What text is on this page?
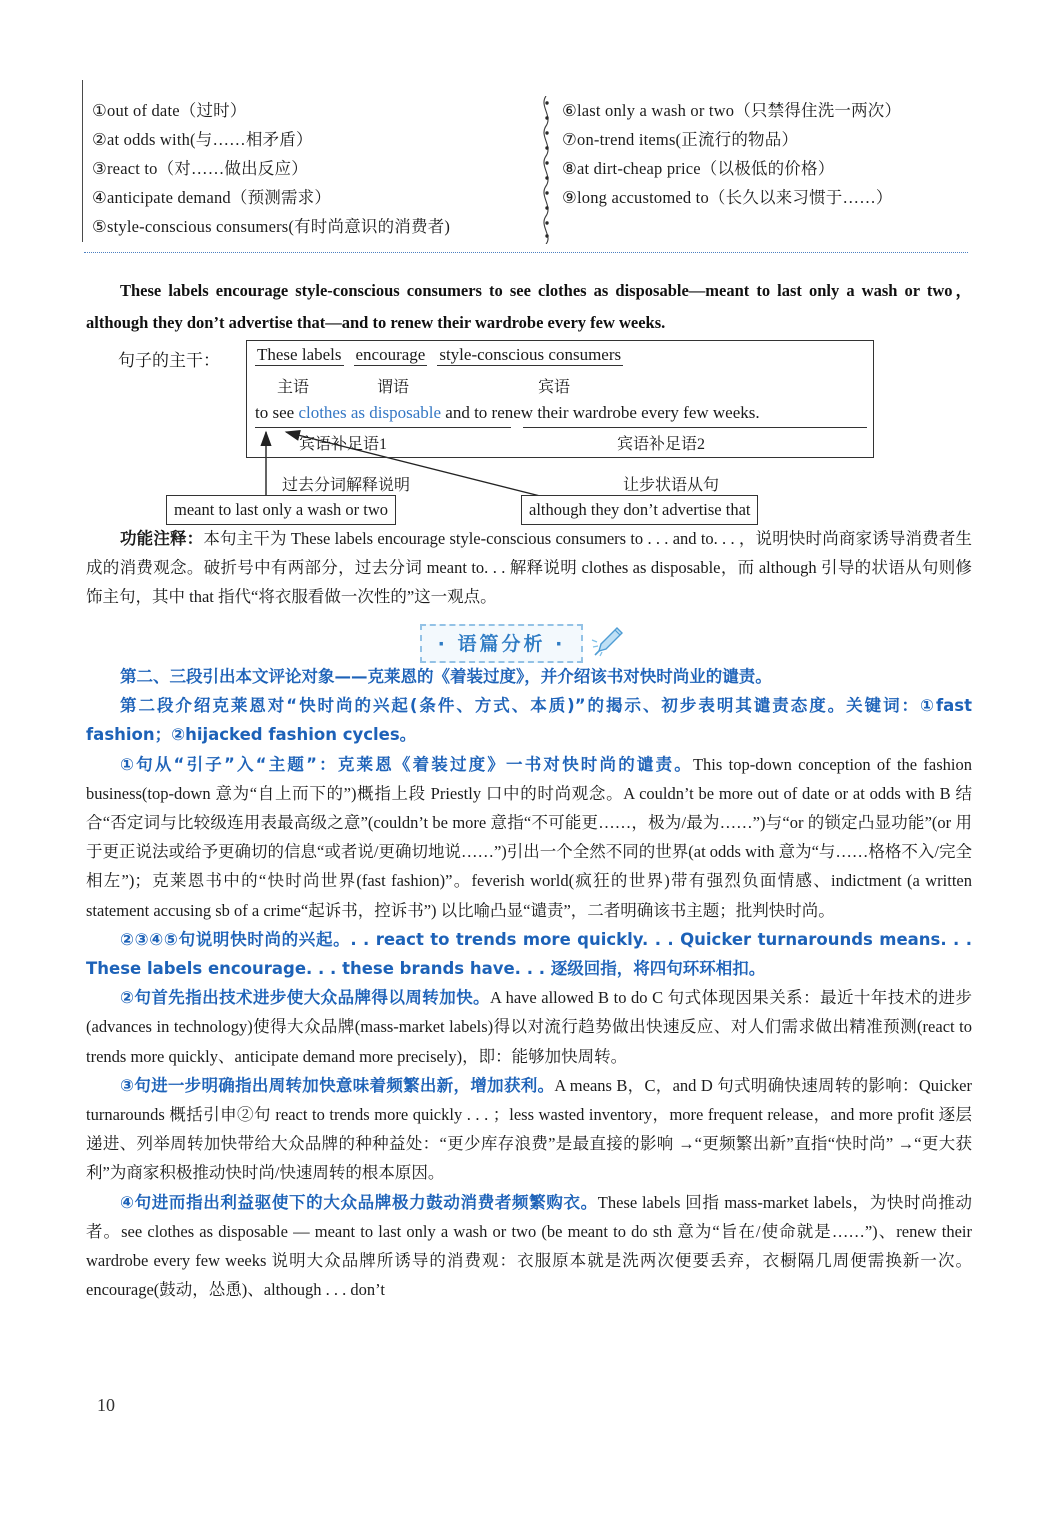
①out of date（过时）
②at odds with(与……相矛盾）
③react to（对……做出反应）
④anticipate demand（预测需求）
⑤style-conscious consumers(有时尚意识的消费者)
⑥last only a wash or two（只禁得住洗一两次）
⑦on-trend items(正流行的物品）
⑧at dirt-cheap price（以极低的价格）
⑨long accustomed to（长久以来习惯于……）
These labels encourage style-conscious consumers to see clothes as disposable—meant to last only a wash or two，although they don’t advertise that—and to renew their wardrobe every few weeks.
句子的主干： These labels encourage style-conscious consumers
主语	谓语	宾语
to see clothes as disposable and to renew their wardrobe every few weeks.
宾语补足语1	宾语补足语2
过去分词解释说明	让步状语从句
meant to last only a wash or two	although they don’t advertise that
功能注释：本句主干为 These labels encourage style-conscious consumers to . . . and to. . . ，说明快时尚商家诱导消费者生成的消费观念。破折号中有两部分，过去分词 meant to. . . 解释说明 clothes as disposable，而 although 引导的状语从句则修饰主句，其中 that 指代“将衣服看做一次性的”这一观点。
· 语篇分析 ·

第二、三段引出本文评论对象——克莱恩的《着装过度》，并介绍该书对快时尚业的谴责。

第二段介绍克莱恩对“快时尚的兴起(条件、方式、本质)”的揭示、初步表明其谴责态度。关键词：①fast fashion；②hijacked fashion cycles。

①句从“引子”入“主题”：克莱恩《着装过度》一书对快时尚的谴责。This top-down conception of the fashion business(top-down 意为“自上而下的”)概指上段 Priestly 口中的时尚观念。A couldn’t be more out of date or at odds with B 结合“否定词与比较级连用表最高级之意”(couldn’t be more 意指“不可能更……，极为/最为……”)与“or 的锁定凸显功能”(or 用于更正说法或给予更确切的信息“或者说/更确切地说……”)引出一个全然不同的世界(at odds with 意为“与……格格不入/完全相左”)；克莱恩书中的“快时尚世界(fast fashion)”。feverish world(疯狂的世界)带有强烈负面情感、indictment (a written statement accusing sb of a crime“起诉书，控诉书”) 以比喻凸显“谴责”，二者明确该书主题；批判快时尚。

②③④⑤句说明快时尚的兴起。. . react to trends more quickly. . . Quicker turnarounds means. . . These labels encourage. . . these brands have. . . 逐级回指，将四句环环相扣。

②句首先指出技术进步使大众品牌得以周转加快。A have allowed B to do C 句式体现因果关系：最近十年技术的进步(advances in technology)使得大众品牌(mass-market labels)得以对流行趋势做出快速反应、对人们需求做出精准预测(react to trends more quickly、anticipate demand more precisely)，即：能够加快周转。

③句进一步明确指出周转加快意味着频繁出新，增加获利。A means B，C，and D 句式明确快速周转的影响：Quicker turnarounds 概括引申②句 react to trends more quickly . . . ；less wasted inventory，more frequent release，and more profit 逐层递进、列举周转加快带给大众品牌的种种益处：“更少库存浪费”是最直接的影响 →“更频繁出新”直指“快时尚” →“更大获利”为商家积极推动快时尚/快速周转的根本原因。

④句进而指出利益驱使下的大众品牌极力鼓动消费者频繁购衣。These labels 回指 mass-market labels，为快时尚推动者。see clothes as disposable — meant to last only a wash or two (be meant to do sth 意为“旨在/使命就是……”)、renew their wardrobe every few weeks 说明大众品牌所诱导的消费观：衣服原本就是洗两次便要丢弃，衣橱隔几周便需换新一次。encourage(鼓动，怂恿)、although . . . don’t

10
